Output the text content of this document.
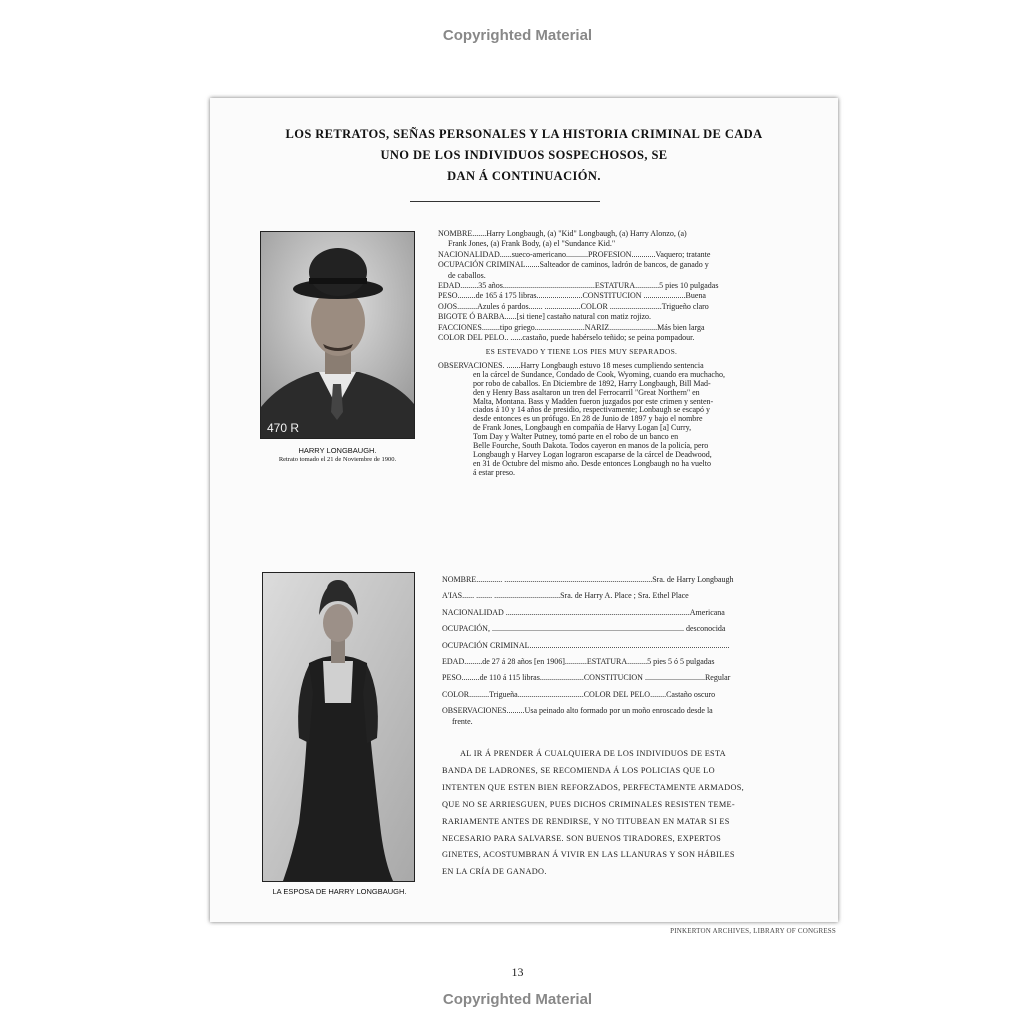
Copyrighted Material
LOS RETRATOS, SEÑAS PERSONALES Y LA HISTORIA CRIMINAL DE CADA
UNO DE LOS INDIVIDUOS SOSPECHOSOS, SE
DAN Á CONTINUACIÓN.
470 R
HARRY LONGBAUGH.
Retrato tomado el 21 de Noviembre de 1900.
NOMBRE.......Harry Longbaugh, (a) "Kid" Longbaugh, (a) Harry Alonzo, (a)
Frank Jones, (a) Frank Body, (a) el "Sundance Kid."
NACIONALIDAD......sueco-americano...........PROFESION............Vaquero; tratante
OCUPACIÓN CRIMINAL.......Salteador de caminos, ladrón de bancos, de ganado y
de caballos.
EDAD.........35 años..............................................ESTATURA............5 pies 10 pulgadas
PESO.........de 165 á 175 libras.......................CONSTITUCION .....................Buena
OJOS..........Azules ó pardos....... ..................COLOR ..........................Trigueño claro
BIGOTE Ó BARBA......[si tiene] castaño natural con matiz rojizo.
FACCIONES.........tipo griego.........................NARIZ........................Más bien larga
COLOR DEL PELO.. ......castaño, puede habérselo teñido; se peina pompadour.
ES ESTEVADO Y TIENE LOS PIES MUY SEPARADOS.
OBSERVACIONES. .......Harry Longbaugh estuvo 18 meses cumpliendo sentencia
en la cárcel de Sundance, Condado de Cook, Wyoming, cuando era muchacho,
por robo de caballos. En Diciembre de 1892, Harry Longbaugh, Bill Mad-
den y Henry Bass asaltaron un tren del Ferrocarril "Great Northern" en
Malta, Montana. Bass y Madden fueron juzgados por este crimen y senten-
ciados á 10 y 14 años de presidio, respectivamente; Lonbaugh se escapó y
desde entonces es un prófugo. En 28 de Junio de 1897 y bajo el nombre
de Frank Jones, Longbaugh en compañía de Harvy Logan [a] Curry,
Tom Day y Walter Putney, tomó parte en el robo de un banco en
Belle Fourche, South Dakota. Todos cayeron en manos de la policía, pero
Longbaugh y Harvey Logan lograron escaparse de la cárcel de Deadwood,
en 31 de Octubre del mismo año. Desde entonces Longbaugh no ha vuelto
á estar preso.
LA ESPOSA DE HARRY LONGBAUGH.
NOMBRE............. ..........................................................................Sra. de Harry Longbaugh
A'IAS...... ........ .................................Sra. de Harry A. Place ; Sra. Ethel Place
NACIONALIDAD ............................................................................................Americana
OCUPACIÓN, ................................................................................................ desconocida
OCUPACIÓN CRIMINAL....................................................................................................
EDAD.........de 27 á 28 años [en 1906]...........ESTATURA..........5 pies 5 ó 5 pulgadas
PESO.........de 110 á 115 libras......................CONSTITUCION ..............................Regular
COLOR..........Trigueña.................................COLOR DEL PELO........Castaño oscuro
OBSERVACIONES.........Usa peinado alto formado por un moño enroscado desde la
frente.
AL IR Á PRENDER Á CUALQUIERA DE LOS INDIVIDUOS DE ESTA
BANDA DE LADRONES, SE RECOMIENDA Á LOS POLICIAS QUE LO
INTENTEN QUE ESTEN BIEN REFORZADOS, PERFECTAMENTE ARMADOS,
QUE NO SE ARRIESGUEN, PUES DICHOS CRIMINALES RESISTEN TEME-
RARIAMENTE ANTES DE RENDIRSE, Y NO TITUBEAN EN MATAR SI ES
NECESARIO PARA SALVARSE. SON BUENOS TIRADORES, EXPERTOS
GINETES, ACOSTUMBRAN Á VIVIR EN LAS LLANURAS Y SON HÁBILES
EN LA CRÍA DE GANADO.
PINKERTON ARCHIVES, LIBRARY OF CONGRESS
13
Copyrighted Material
